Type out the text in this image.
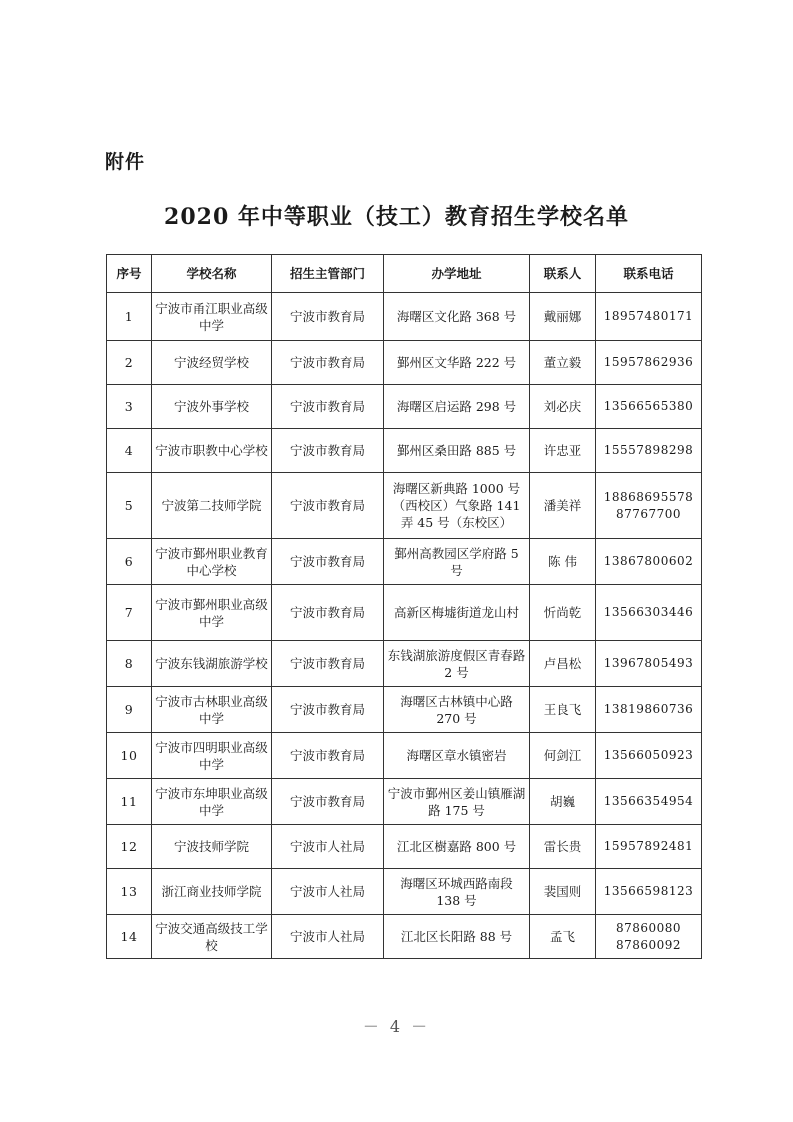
附件
2020 年中等职业（技工）教育招生学校名单
序号	学校名称	招生主管部门	办学地址	联系人	联系电话
1	宁波市甬江职业高级中学	宁波市教育局	海曙区文化路 368 号	戴丽娜	18957480171
2	宁波经贸学校	宁波市教育局	鄞州区文华路 222 号	董立毅	15957862936
3	宁波外事学校	宁波市教育局	海曙区启运路 298 号	刘必庆	13566565380
4	宁波市职教中心学校	宁波市教育局	鄞州区桑田路 885 号	许忠亚	15557898298
5	宁波第二技师学院	宁波市教育局	海曙区新典路 1000 号（西校区）气象路 141 弄 45 号（东校区）	潘美祥	18868695578
87767700
6	宁波市鄞州职业教育中心学校	宁波市教育局	鄞州高教园区学府路 5 号	陈 伟	13867800602
7	宁波市鄞州职业高级中学	宁波市教育局	高新区梅墟街道龙山村	忻尚乾	13566303446
8	宁波东钱湖旅游学校	宁波市教育局	东钱湖旅游度假区青春路 2 号	卢昌松	13967805493
9	宁波市古林职业高级中学	宁波市教育局	海曙区古林镇中心路 270 号	王良飞	13819860736
10	宁波市四明职业高级中学	宁波市教育局	海曙区章水镇密岩	何剑江	13566050923
11	宁波市东坤职业高级中学	宁波市教育局	宁波市鄞州区姜山镇雁湖路 175 号	胡巍	13566354954
12	宁波技师学院	宁波市人社局	江北区樹嘉路 800 号	雷长贵	15957892481
13	浙江商业技师学院	宁波市人社局	海曙区环城西路南段 138 号	裴国则	13566598123
14	宁波交通高级技工学校	宁波市人社局	江北区长阳路 88 号	孟飞	87860080
87860092
－ 4 －
